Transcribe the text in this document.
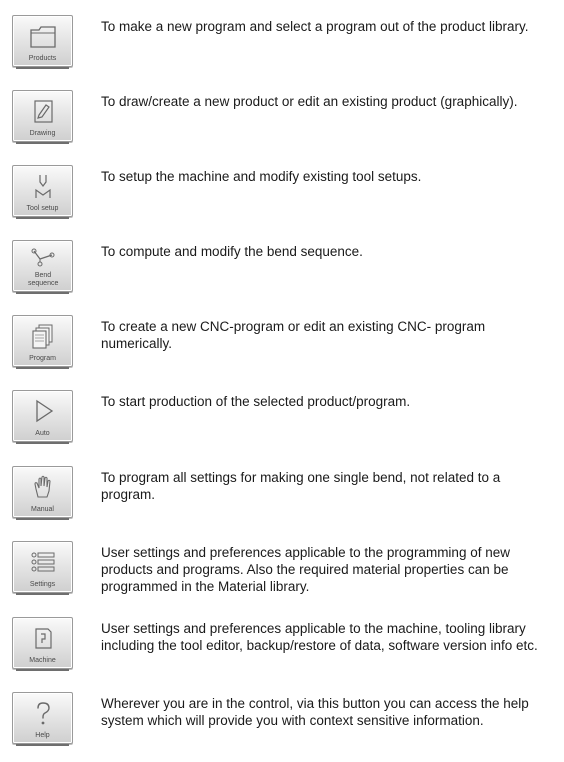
Products
To make a new program and select a program out of the product library.
Drawing
To draw/create a new product or edit an existing product (graphically).
Tool setup
To setup the machine and modify existing tool setups.
Bend sequence
To compute and modify the bend sequence.
Program
To create a new CNC-program or edit an existing CNC- program numerically.
Auto
To start production of the selected product/program.
Manual
To program all settings for making one single bend, not related to a program.
Settings
User settings and preferences applicable to the programming of new products and programs. Also the required material properties can be programmed in the Material library.
Machine
User settings and preferences applicable to the machine, tooling library including the tool editor, backup/restore of data, software version info etc.
Help
Wherever you are in the control, via this button you can access the help system which will provide you with context sensitive information.
